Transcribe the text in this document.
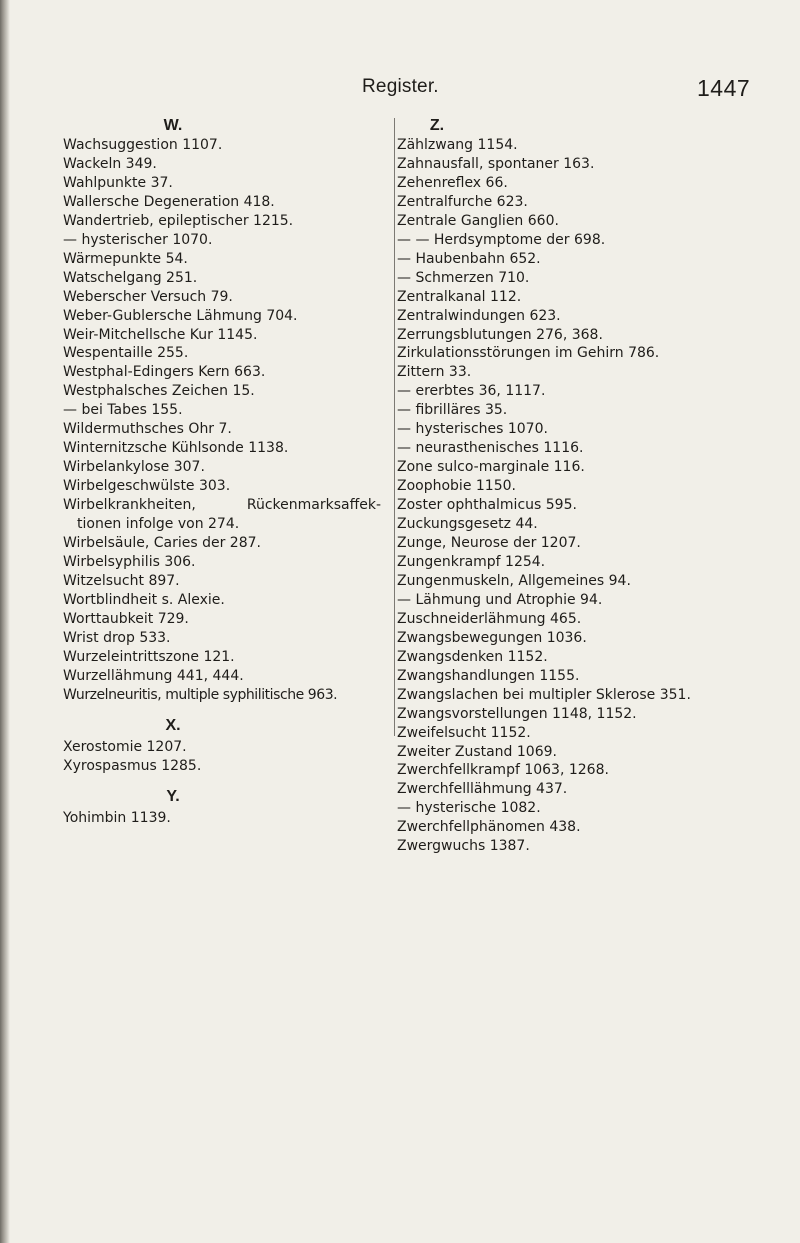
Register.	1447
W.
Wachsuggestion 1107.
Wackeln 349.
Wahlpunkte 37.
Wallersche Degeneration 418.
Wandertrieb, epileptischer 1215.
— hysterischer 1070.
Wärmepunkte 54.
Watschelgang 251.
Weberscher Versuch 79.
Weber-Gublersche Lähmung 704.
Weir-Mitchellsche Kur 1145.
Wespentaille 255.
Westphal-Edingers Kern 663.
Westphalsches Zeichen 15.
— bei Tabes 155.
Wildermuthsches Ohr 7.
Winternitzsche Kühlsonde 1138.
Wirbelankylose 307.
Wirbelgeschwülste 303.
Wirbelkrankheiten, Rückenmarksaffek-
tionen infolge von 274.
Wirbelsäule, Caries der 287.
Wirbelsyphilis 306.
Witzelsucht 897.
Wortblindheit s. Alexie.
Worttaubkeit 729.
Wrist drop 533.
Wurzeleintrittszone 121.
Wurzellähmung 441, 444.
Wurzelneuritis, multiple syphilitische 963.
X.
Xerostomie 1207.
Xyrospasmus 1285.
Y.
Yohimbin 1139.
Z.
Zählzwang 1154.
Zahnausfall, spontaner 163.
Zehenreflex 66.
Zentralfurche 623.
Zentrale Ganglien 660.
— — Herdsymptome der 698.
— Haubenbahn 652.
— Schmerzen 710.
Zentralkanal 112.
Zentralwindungen 623.
Zerrungsblutungen 276, 368.
Zirkulationsstörungen im Gehirn 786.
Zittern 33.
— ererbtes 36, 1117.
— fibrilläres 35.
— hysterisches 1070.
— neurasthenisches 1116.
Zone sulco-marginale 116.
Zoophobie 1150.
Zoster ophthalmicus 595.
Zuckungsgesetz 44.
Zunge, Neurose der 1207.
Zungenkrampf 1254.
Zungenmuskeln, Allgemeines 94.
— Lähmung und Atrophie 94.
Zuschneiderlähmung 465.
Zwangsbewegungen 1036.
Zwangsdenken 1152.
Zwangshandlungen 1155.
Zwangslachen bei multipler Sklerose 351.
Zwangsvorstellungen 1148, 1152.
Zweifelsucht 1152.
Zweiter Zustand 1069.
Zwerchfellkrampf 1063, 1268.
Zwerchfelllähmung 437.
— hysterische 1082.
Zwerchfellphänomen 438.
Zwergwuchs 1387.
